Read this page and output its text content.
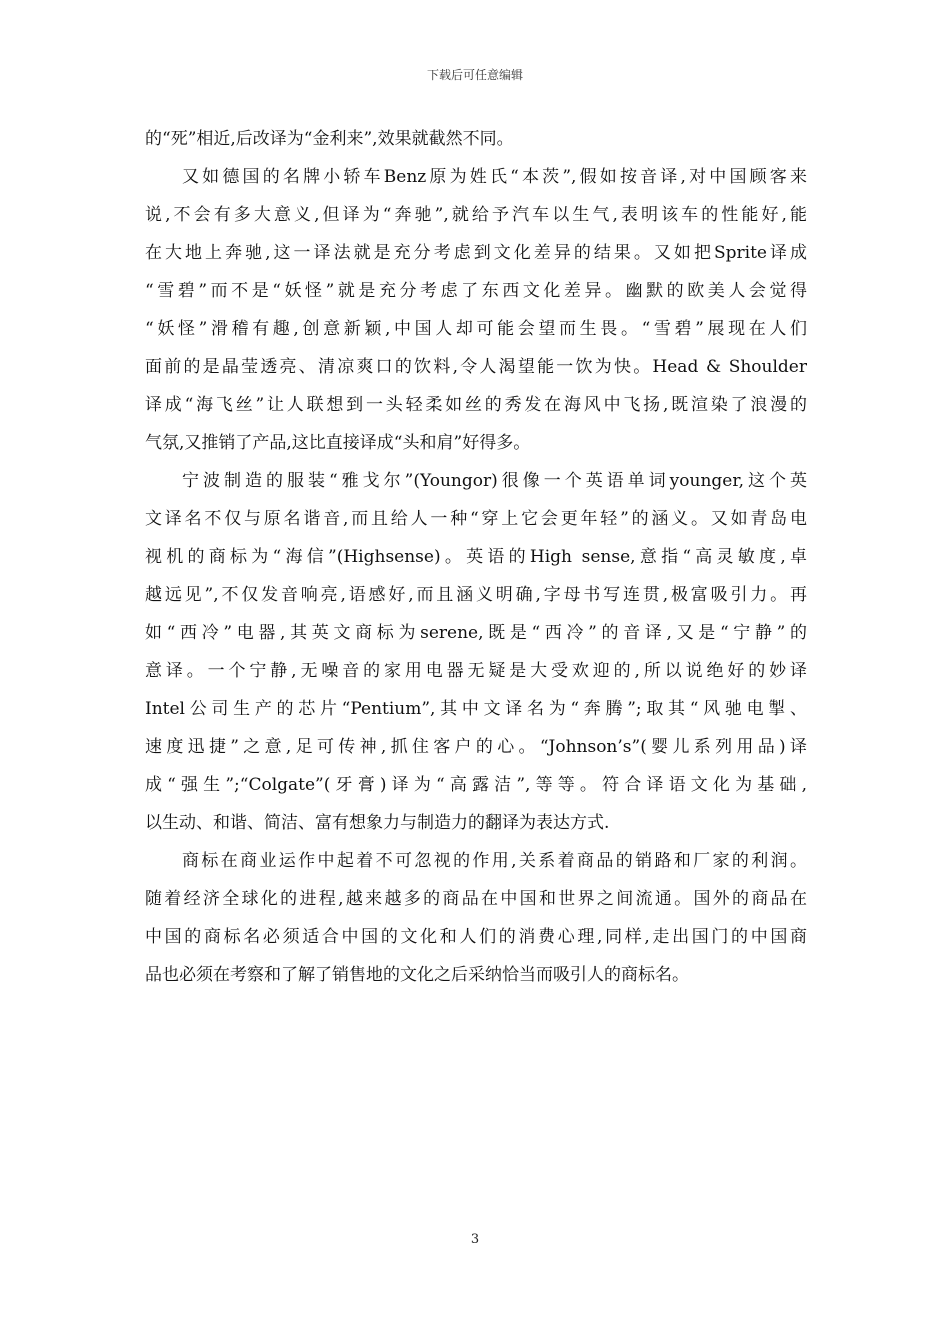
下载后可任意编辑
的“死”相近,后改译为“金利来”,效果就截然不同。
又如德国的名牌小轿车Benz原为姓氏“本茨”,假如按音译,对中国顾客来
说,不会有多大意义,但译为“奔驰”,就给予汽车以生气,表明该车的性能好,能
在大地上奔驰,这一译法就是充分考虑到文化差异的结果。又如把Sprite译成
“雪碧”而不是“妖怪”就是充分考虑了东西文化差异。幽默的欧美人会觉得
“妖怪”滑稽有趣,创意新颖,中国人却可能会望而生畏。“雪碧”展现在人们
面前的是晶莹透亮、清凉爽口的饮料,令人渴望能一饮为快。Head & Shoulder
译成“海飞丝”让人联想到一头轻柔如丝的秀发在海风中飞扬,既渲染了浪漫的
气氛,又推销了产品,这比直接译成“头和肩”好得多。
宁波制造的服装“雅戈尔”(Youngor)很像一个英语单词younger,这个英
文译名不仅与原名谐音,而且给人一种“穿上它会更年轻”的涵义。又如青岛电
视机的商标为“海信”(Highsense)。英语的High sense,意指“高灵敏度,卓
越远见”,不仅发音响亮,语感好,而且涵义明确,字母书写连贯,极富吸引力。再
如“西冷”电器,其英文商标为serene,既是“西冷”的音译,又是“宁静”的
意译。一个宁静,无噪音的家用电器无疑是大受欢迎的,所以说绝好的妙译
Intel公司生产的芯片“Pentium”,其中文译名为“奔腾”;取其“风驰电掣、
速度迅捷”之意,足可传神,抓住客户的心。“Johnson’s”(婴儿系列用品)译
成“强生”;“Colgate”(牙膏)译为“高露洁”,等等。符合译语文化为基础,
以生动、和谐、简洁、富有想象力与制造力的翻译为表达方式.
商标在商业运作中起着不可忽视的作用,关系着商品的销路和厂家的利润。
随着经济全球化的进程,越来越多的商品在中国和世界之间流通。国外的商品在
中国的商标名必须适合中国的文化和人们的消费心理,同样,走出国门的中国商
品也必须在考察和了解了销售地的文化之后采纳恰当而吸引人的商标名。
3
